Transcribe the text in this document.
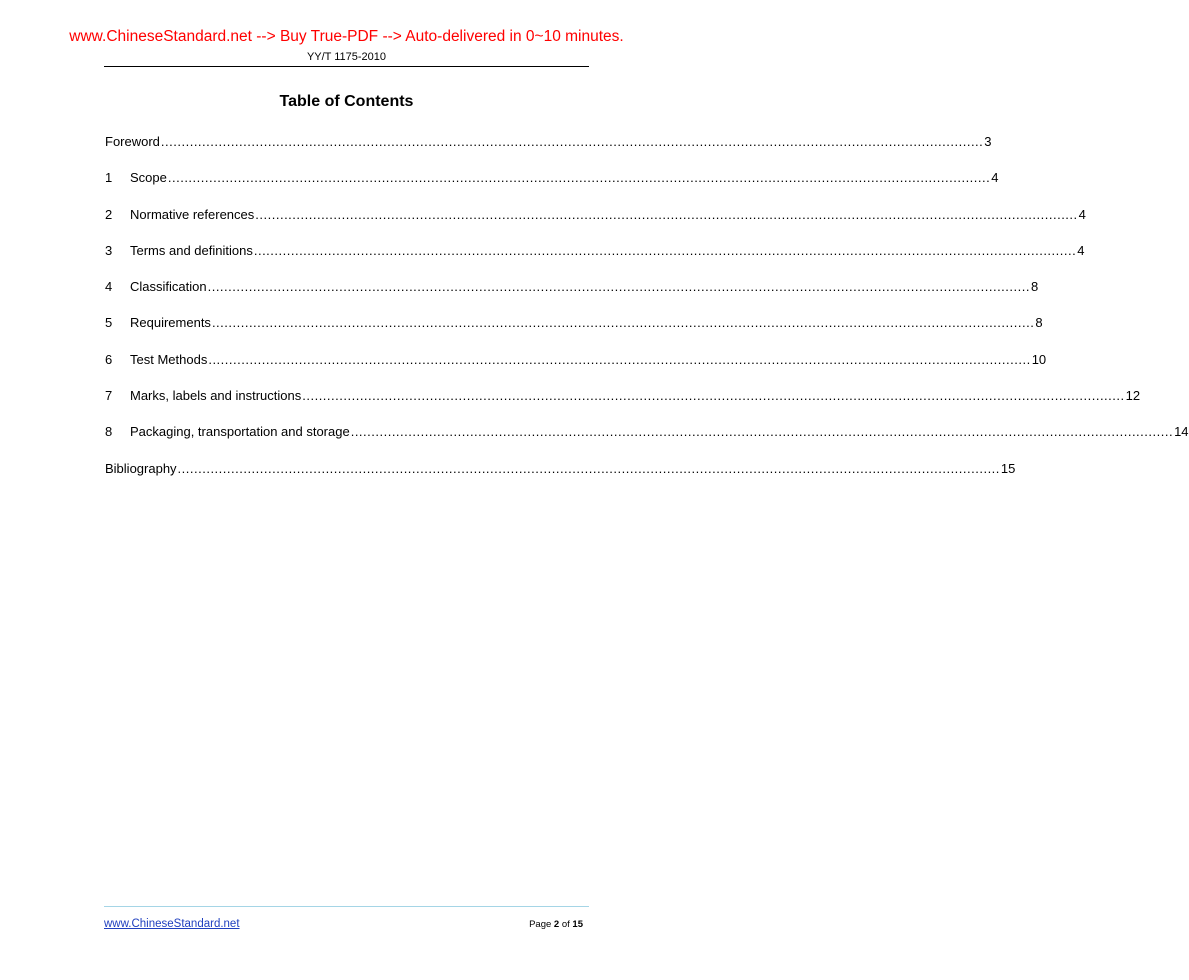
www.ChineseStandard.net --> Buy True-PDF --> Auto-delivered in 0~10 minutes.
YY/T 1175-2010
Table of Contents
Foreword ........................................................................................................................................................................................................ 3
1	Scope ........................................................................................................................................................................................................ 4
2	Normative references ........................................................................................................................................................................................................ 4
3	Terms and definitions ........................................................................................................................................................................................................ 4
4	Classification ........................................................................................................................................................................................................ 8
5	Requirements ........................................................................................................................................................................................................ 8
6	Test Methods ........................................................................................................................................................................................................ 10
7	Marks, labels and instructions ........................................................................................................................................................................................................ 12
8	Packaging, transportation and storage ........................................................................................................................................................................................................ 14
Bibliography ........................................................................................................................................................................................................ 15
www.ChineseStandard.net	Page 2 of 15
